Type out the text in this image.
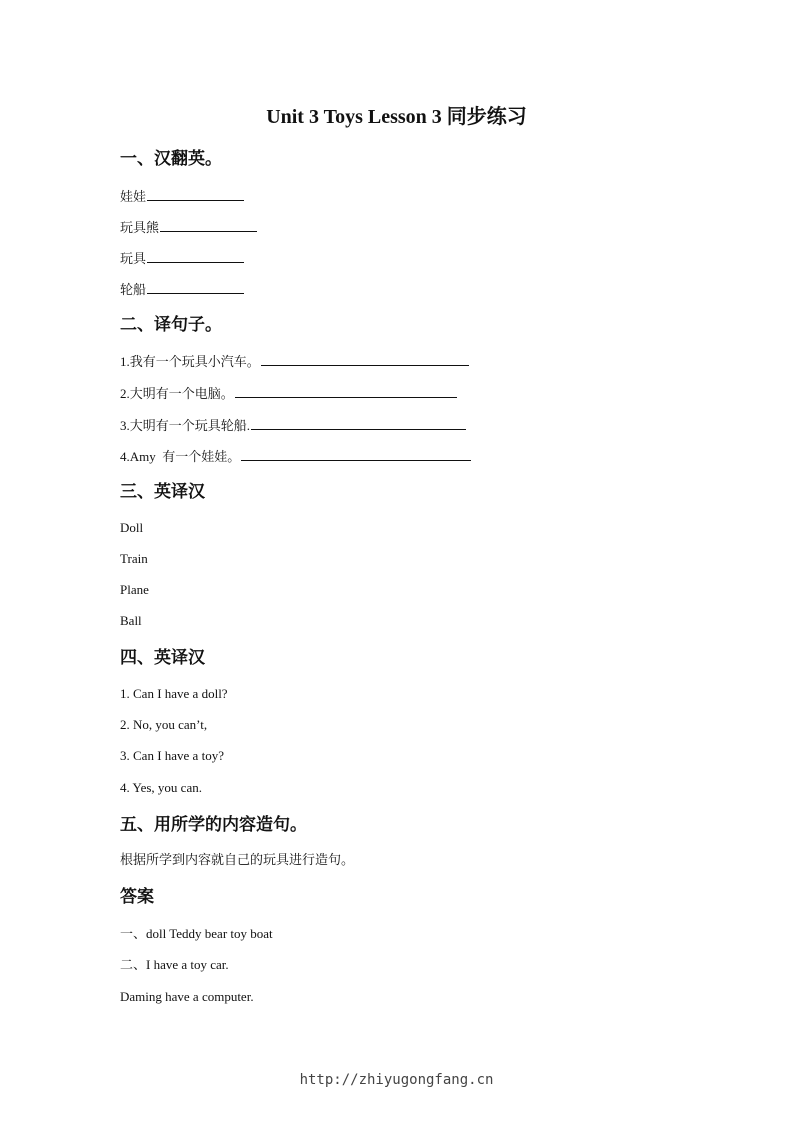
Unit 3 Toys Lesson 3 同步练习
一、汉翻英。
娃娃
玩具熊
玩具
轮船
二、译句子。
1.我有一个玩具小汽车。
2.大明有一个电脑。
3.大明有一个玩具轮船.
4.Amy  有一个娃娃。
三、英译汉
Doll
Train
Plane
Ball
四、英译汉
1. Can I have a doll?
2. No, you can’t,
3. Can I have a toy?
4. Yes, you can.
五、用所学的内容造句。
根据所学到内容就自己的玩具进行造句。
答案
一、doll Teddy bear toy boat
二、I have a toy car.
Daming have a computer.
http://zhiyugongfang.cn
